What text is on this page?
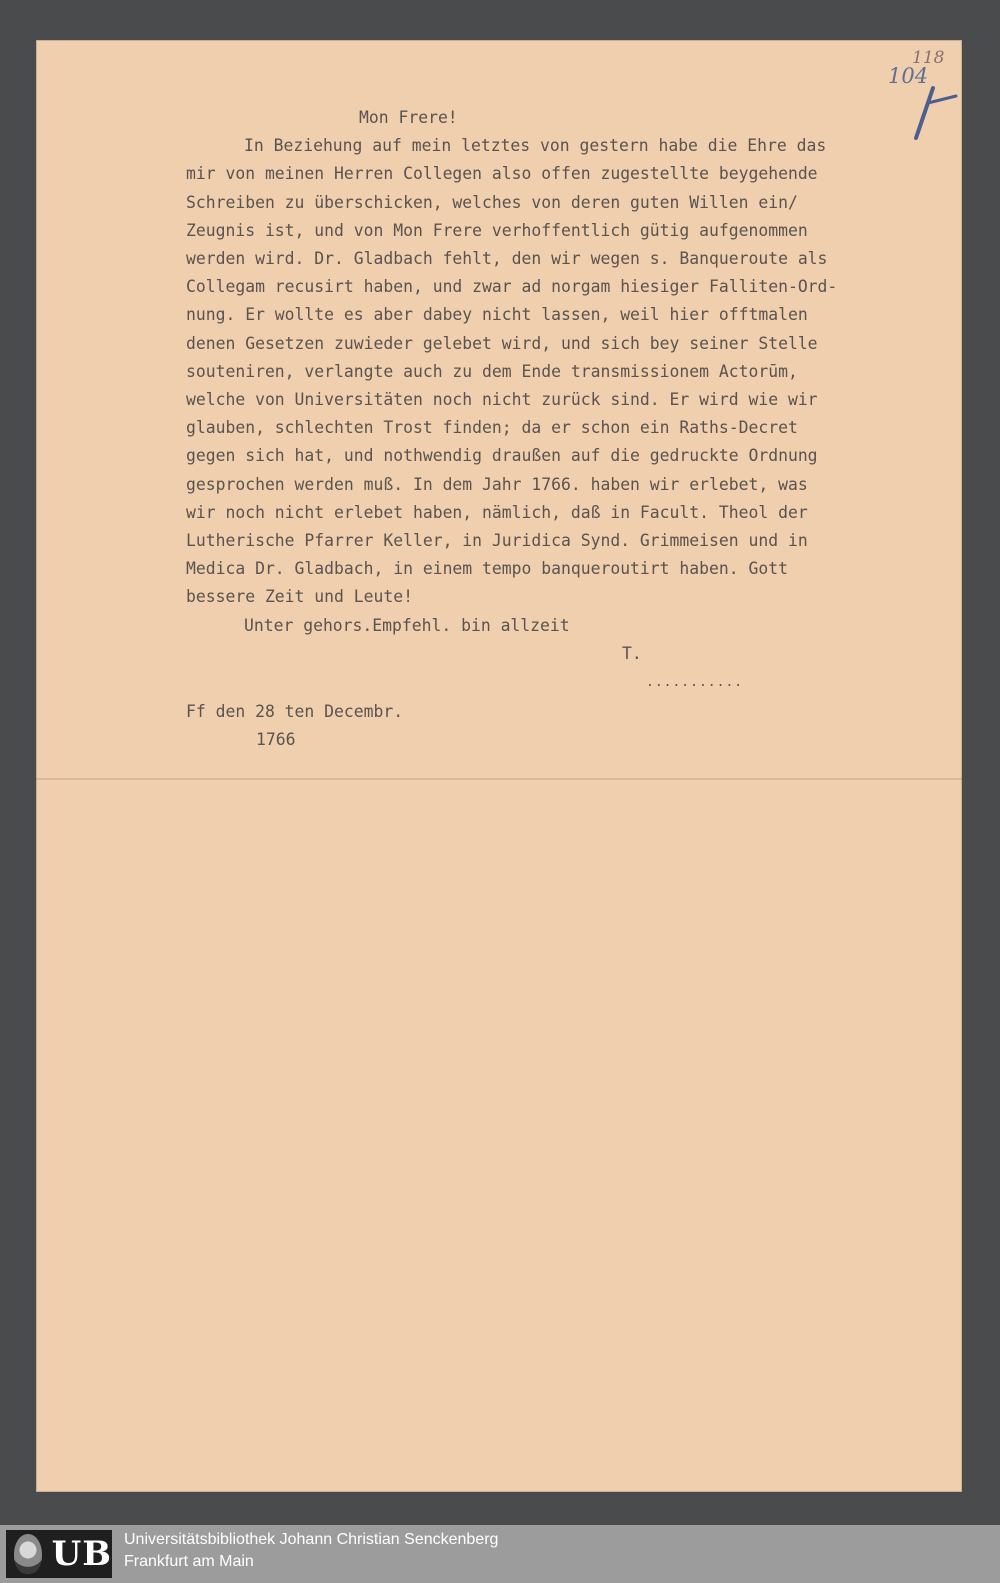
118
104

Mon Frere!

In Beziehung auf mein letztes von gestern habe die Ehre das

mir von meinen Herren Collegen also offen zugestellte beygehende

Schreiben zu überschicken, welches von deren guten Willen ein/

Zeugnis ist, und von Mon Frere verhoffentlich gütig aufgenommen

werden wird. Dr. Gladbach fehlt, den wir wegen s. Banqueroute als

Collegam recusirt haben, und zwar ad norgam hiesiger Falliten-Ord-

nung. Er wollte es aber dabey nicht lassen, weil hier offtmalen

denen Gesetzen zuwieder gelebet wird, und sich bey seiner Stelle

souteniren, verlangte auch zu dem Ende transmissionem Actorūm,

welche von Universitäten noch nicht zurück sind. Er wird wie wir

glauben, schlechten Trost finden; da er schon ein Raths-Decret

gegen sich hat, und nothwendig draußen auf die gedruckte Ordnung

gesprochen werden muß. In dem Jahr 1766. haben wir erlebet, was

wir noch nicht erlebet haben, nämlich, daß in Facult. Theol der

Lutherische Pfarrer Keller, in Juridica Synd. Grimmeisen und in

Medica Dr. Gladbach, in einem tempo banqueroutirt haben. Gott

bessere Zeit und Leute!

Unter gehors.Empfehl. bin allzeit

T.

...........

Ff den 28 ten Decembr.

1766

UB Universitätsbibliothek Johann Christian Senckenberg
Frankfurt am Main
